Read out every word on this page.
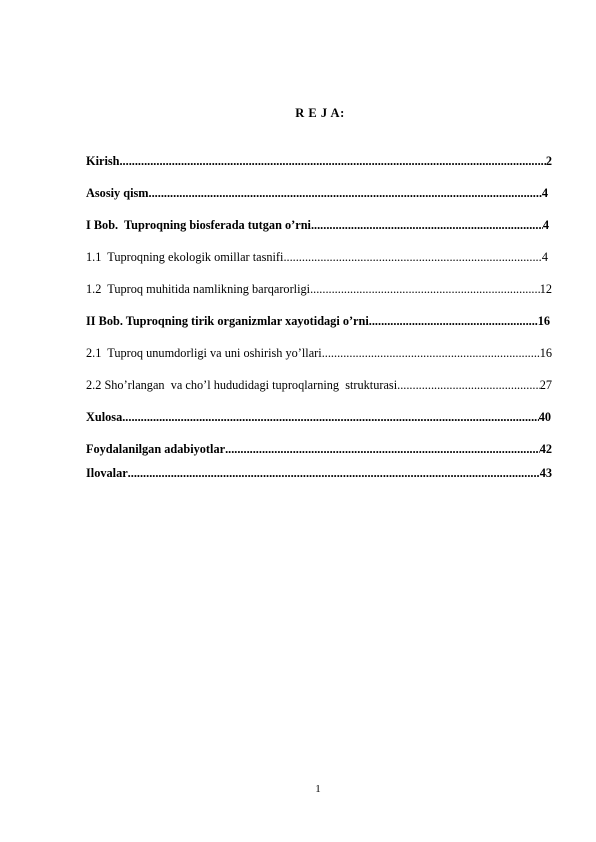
R E J A:
Kirish .....	2
Asosiy qism .....	4
I Bob.  Tuproqning biosferada tutgan o’rni .....	4
1.1  Tuproqning ekologik omillar tasnifi .....	4
1.2  Tuproq muhitida namlikning barqarorligi .....	12
II Bob. Tuproqning tirik organizmlar xayotidagi o’rni .....	16
2.1  Tuproq unumdorligi va uni oshirish yo’llari .....	16
2.2 Sho’rlangan  va cho’l hududidagi tuproqlarning  strukturasi .....	27
Xulosa .....	40
Foydalanilgan adabiyotlar .....	42
Ilovalar .....	43
1
